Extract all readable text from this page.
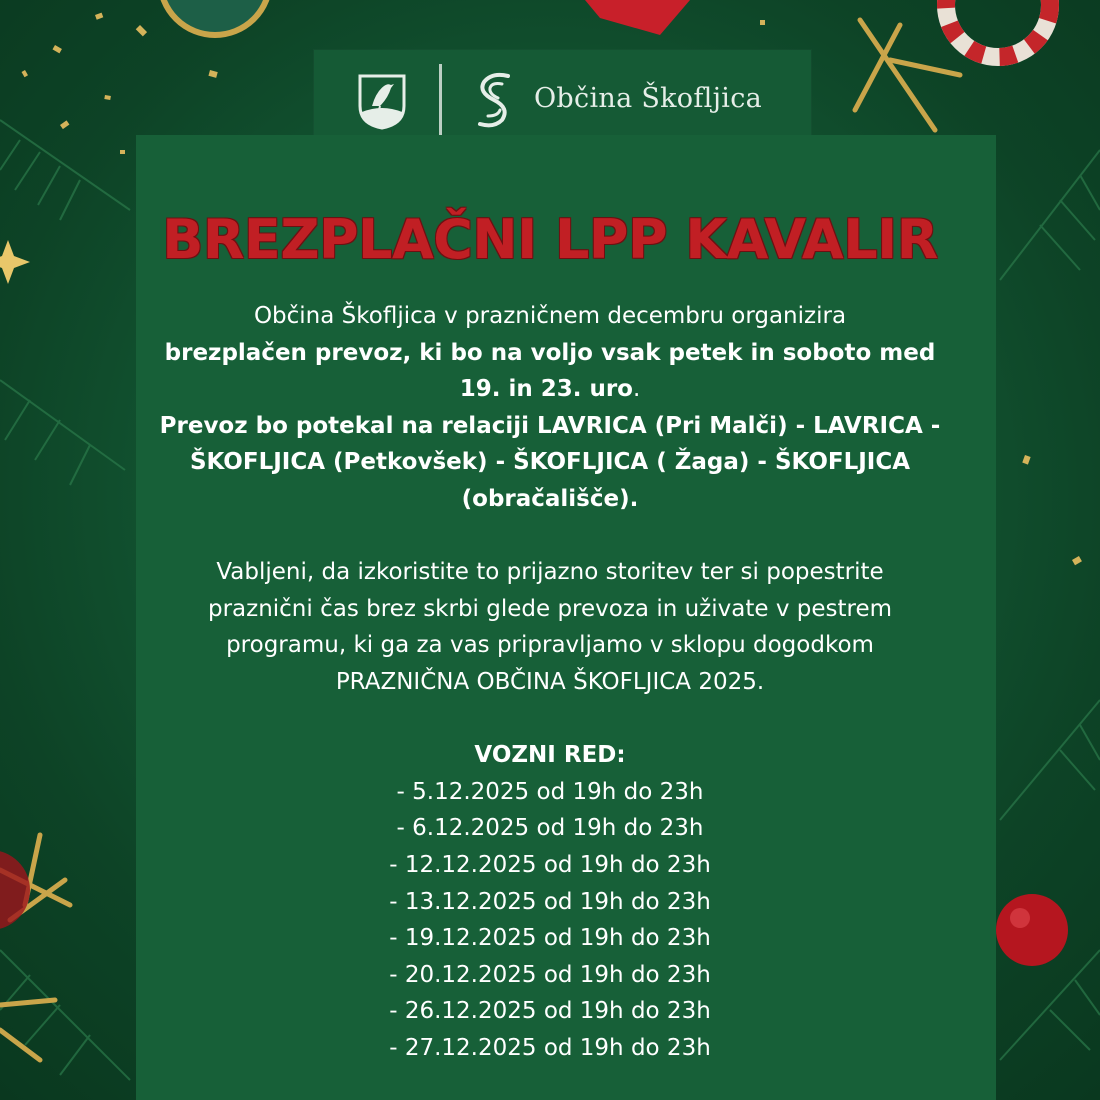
Občina Škofljica
BREZPLAČNI LPP KAVALIR

Občina Škofljica v prazničnem decembru organizira

brezplačen prevoz, ki bo na voljo vsak petek in soboto med

19. in 23. uro.

Prevoz bo potekal na relaciji LAVRICA (Pri Malči) - LAVRICA -

ŠKOFLJICA (Petkovšek) - ŠKOFLJICA ( Žaga) - ŠKOFLJICA

(obračališče).

Vabljeni, da izkoristite to prijazno storitev ter si popestrite

praznični čas brez skrbi glede prevoza in uživate v pestrem

programu, ki ga za vas pripravljamo v sklopu dogodkom

PRAZNIČNA OBČINA ŠKOFLJICA 2025.

VOZNI RED:

- 5.12.2025 od 19h do 23h
- 6.12.2025 od 19h do 23h
- 12.12.2025 od 19h do 23h
- 13.12.2025 od 19h do 23h
- 19.12.2025 od 19h do 23h
- 20.12.2025 od 19h do 23h
- 26.12.2025 od 19h do 23h
- 27.12.2025 od 19h do 23h
